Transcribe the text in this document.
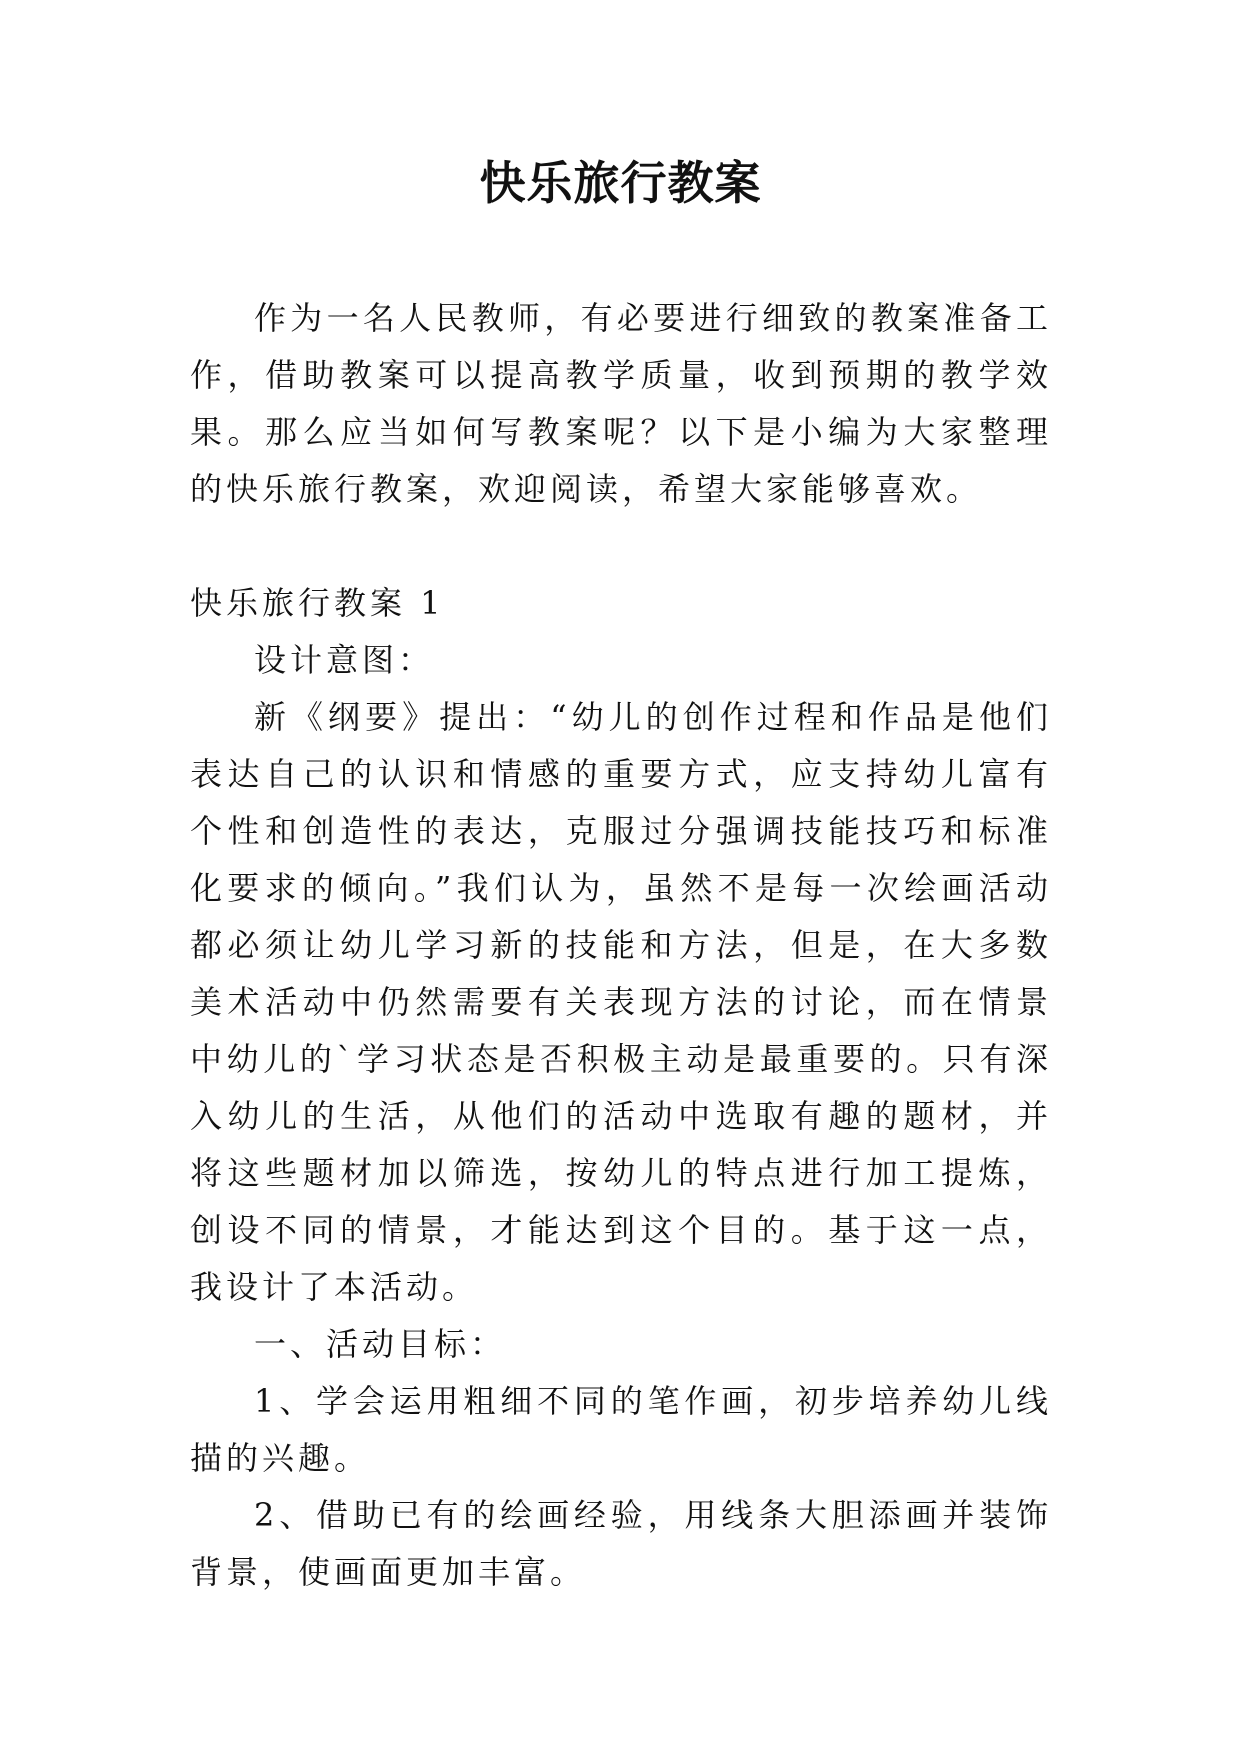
快乐旅行教案

作为一名人民教师，有必要进行细致的教案准备工作，借助教案可以提高教学质量，收到预期的教学效果。那么应当如何写教案呢？以下是小编为大家整理的快乐旅行教案，欢迎阅读，希望大家能够喜欢。

快乐旅行教案 1

设计意图：

新《纲要》提出：“幼儿的创作过程和作品是他们表达自己的认识和情感的重要方式，应支持幼儿富有个性和创造性的表达，克服过分强调技能技巧和标准化要求的倾向。”我们认为，虽然不是每一次绘画活动都必须让幼儿学习新的技能和方法，但是，在大多数美术活动中仍然需要有关表现方法的讨论，而在情景中幼儿的`学习状态是否积极主动是最重要的。只有深入幼儿的生活，从他们的活动中选取有趣的题材，并将这些题材加以筛选，按幼儿的特点进行加工提炼，创设不同的情景，才能达到这个目的。基于这一点，我设计了本活动。

一、活动目标：

1、学会运用粗细不同的笔作画，初步培养幼儿线描的兴趣。

2、借助已有的绘画经验，用线条大胆添画并装饰背景，使画面更加丰富。
